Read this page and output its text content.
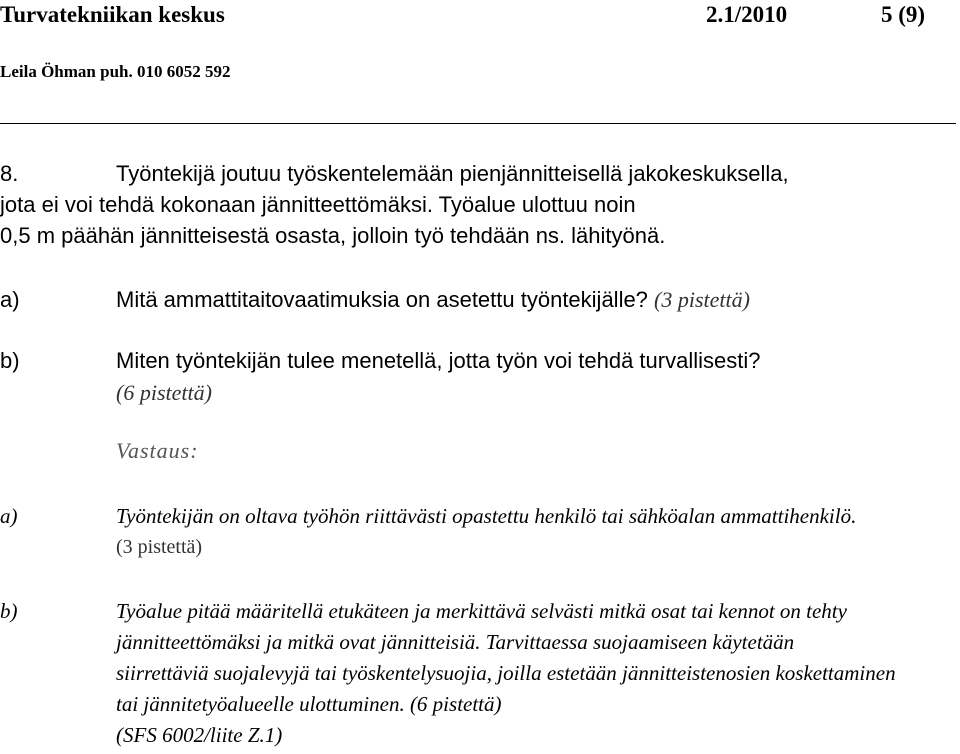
Turvatekniikan keskus	2.1/2010	5 (9)
Leila Öhman puh. 010 6052 592
8.	Työntekijä joutuu työskentelemään pienjännitteisellä jakokeskuksella,
jota ei voi tehdä kokonaan jännitteettömäksi. Työalue ulottuu noin
0,5 m päähän jännitteisestä osasta, jolloin työ tehdään ns. lähityönä.
a)	Mitä ammattitaitovaatimuksia on asetettu työntekijälle? (3 pistettä)
b)	Miten työntekijän tulee menetellä, jotta työn voi tehdä turvallisesti?
(6 pistettä)
Vastaus:
a)	Työntekijän on oltava työhön riittävästi opastettu henkilö tai sähköalan ammattihenkilö.
(3 pistettä)
b)	Työalue pitää määritellä etukäteen ja merkittävä selvästi mitkä osat tai kennot on tehty
jännitteettömäksi ja mitkä ovat jännitteisiä. Tarvittaessa suojaamiseen käytetään
siirrettäviä suojalevyjä tai työskentelysuojia, joilla estetään jännitteistenosien koskettaminen
tai jännitetyöalueelle ulottuminen. (6 pistettä)
(SFS 6002/liite Z.1)
